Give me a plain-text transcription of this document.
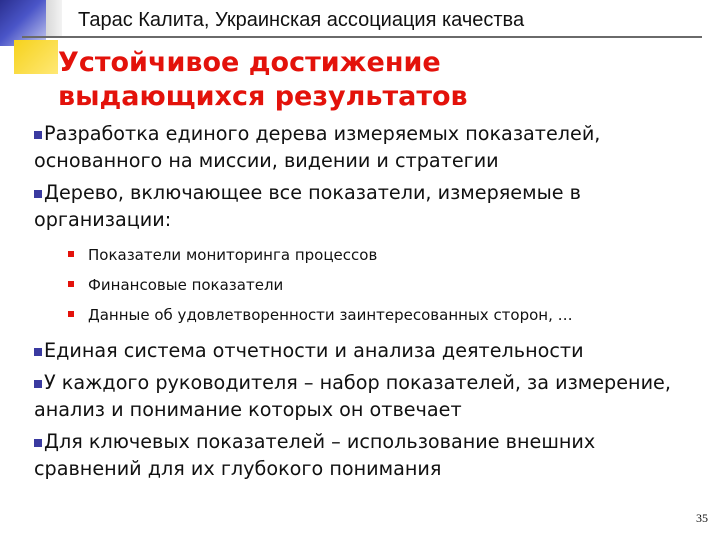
Тарас Калита, Украинская ассоциация качества
Устойчивое достижение выдающихся результатов

Разработка единого дерева измеряемых показателей, основанного на миссии, видении и стратегии

Дерево, включающее все показатели, измеряемые в организации:

Показатели мониторинга процессов

Финансовые показатели

Данные об удовлетворенности заинтересованных сторон, …

Единая система отчетности и анализа деятельности

У каждого руководителя – набор показателей, за измерение, анализ и понимание которых он отвечает

Для ключевых показателей – использование внешних сравнений для их глубокого понимания

35
